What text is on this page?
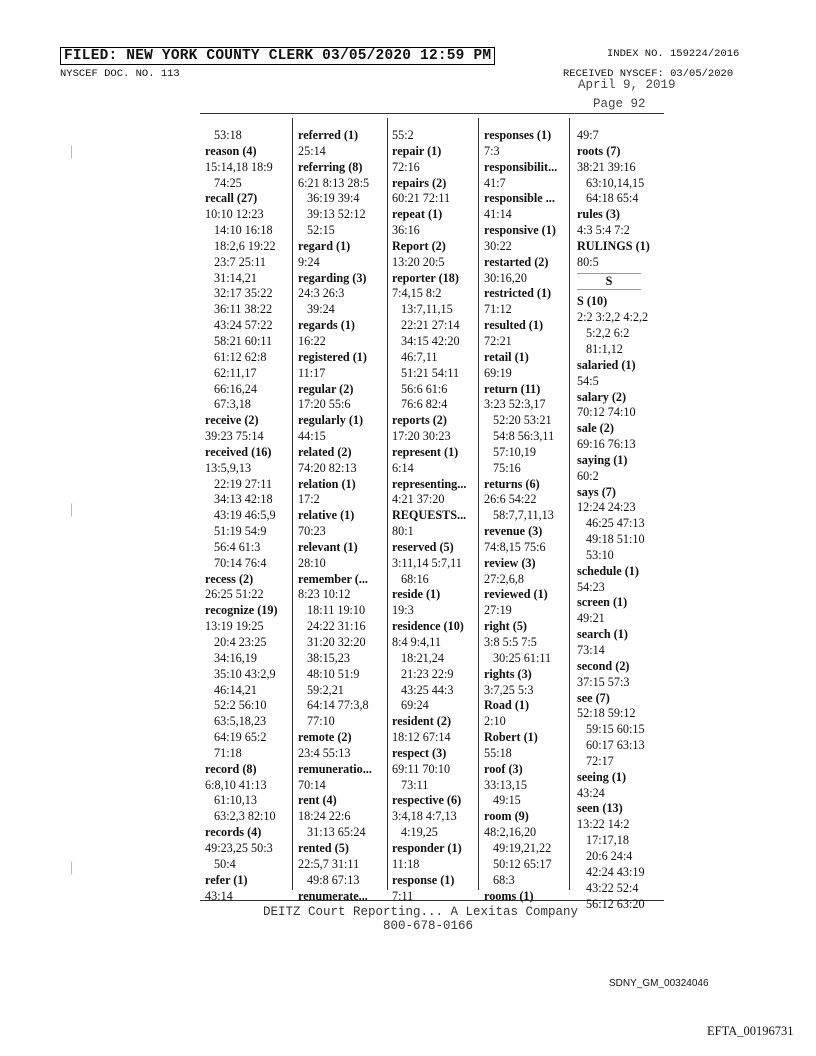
FILED: NEW YORK COUNTY CLERK 03/05/2020 12:59 PM
NYSCEF DOC. NO. 113
INDEX NO. 159224/2016
RECEIVED NYSCEF: 03/05/2020
April 9, 2019
Page 92
53:18
reason (4)
15:14,18 18:9
74:25
recall (27)
10:10 12:23
14:10 16:18
18:2,6 19:22
23:7 25:11
31:14,21
32:17 35:22
36:11 38:22
43:24 57:22
58:21 60:11
61:12 62:8
62:11,17
66:16,24
67:3,18
receive (2)
39:23 75:14
received (16)
13:5,9,13
22:19 27:11
34:13 42:18
43:19 46:5,9
51:19 54:9
56:4 61:3
70:14 76:4
recess (2)
26:25 51:22
recognize (19)
13:19 19:25
20:4 23:25
34:16,19
35:10 43:2,9
46:14,21
52:2 56:10
63:5,18,23
64:19 65:2
71:18
record (8)
6:8,10 41:13
61:10,13
63:2,3 82:10
records (4)
49:23,25 50:3
50:4
refer (1)
43:14
referred (1)
25:14
referring (8)
6:21 8:13 28:5
36:19 39:4
39:13 52:12
52:15
regard (1)
9:24
regarding (3)
24:3 26:3
39:24
regards (1)
16:22
registered (1)
11:17
regular (2)
17:20 55:6
regularly (1)
44:15
related (2)
74:20 82:13
relation (1)
17:2
relative (1)
70:23
relevant (1)
28:10
remember (...
8:23 10:12
18:11 19:10
24:22 31:16
31:20 32:20
38:15,23
48:10 51:9
59:2,21
64:14 77:3,8
77:10
remote (2)
23:4 55:13
remuneratio...
70:14
rent (4)
18:24 22:6
31:13 65:24
rented (5)
22:5,7 31:11
49:8 67:13
renumerate...
55:2
repair (1)
72:16
repairs (2)
60:21 72:11
repeat (1)
36:16
Report (2)
13:20 20:5
reporter (18)
7:4,15 8:2
13:7,11,15
22:21 27:14
34:15 42:20
46:7,11
51:21 54:11
56:6 61:6
76:6 82:4
reports (2)
17:20 30:23
represent (1)
6:14
representing...
4:21 37:20
REQUESTS...
80:1
reserved (5)
3:11,14 5:7,11
68:16
reside (1)
19:3
residence (10)
8:4 9:4,11
18:21,24
21:23 22:9
43:25 44:3
69:24
resident (2)
18:12 67:14
respect (3)
69:11 70:10
73:11
respective (6)
3:4,18 4:7,13
4:19,25
responder (1)
11:18
response (1)
7:11
responses (1)
7:3
responsibilit...
41:7
responsible ...
41:14
responsive (1)
30:22
restarted (2)
30:16,20
restricted (1)
71:12
resulted (1)
72:21
retail (1)
69:19
return (11)
3:23 52:3,17
52:20 53:21
54:8 56:3,11
57:10,19
75:16
returns (6)
26:6 54:22
58:7,7,11,13
revenue (3)
74:8,15 75:6
review (3)
27:2,6,8
reviewed (1)
27:19
right (5)
3:8 5:5 7:5
30:25 61:11
rights (3)
3:7,25 5:3
Road (1)
2:10
Robert (1)
55:18
roof (3)
33:13,15
49:15
room (9)
48:2,16,20
49:19,21,22
50:12 65:17
68:3
rooms (1)
49:7
roots (7)
38:21 39:16
63:10,14,15
64:18 65:4
rules (3)
4:3 5:4 7:2
RULINGS (1)
80:5
S
S (10)
2:2 3:2,2 4:2,2
5:2,2 6:2
81:1,12
salaried (1)
54:5
salary (2)
70:12 74:10
sale (2)
69:16 76:13
saying (1)
60:2
says (7)
12:24 24:23
46:25 47:13
49:18 51:10
53:10
schedule (1)
54:23
screen (1)
49:21
search (1)
73:14
second (2)
37:15 57:3
see (7)
52:18 59:12
59:15 60:15
60:17 63:13
72:17
seeing (1)
43:24
seen (13)
13:22 14:2
17:17,18
20:6 24:4
42:24 43:19
43:22 52:4
56:12 63:20
DEITZ Court Reporting... A Lexitas Company
800-678-0166
SDNY_GM_00324046
EFTA_00196731
